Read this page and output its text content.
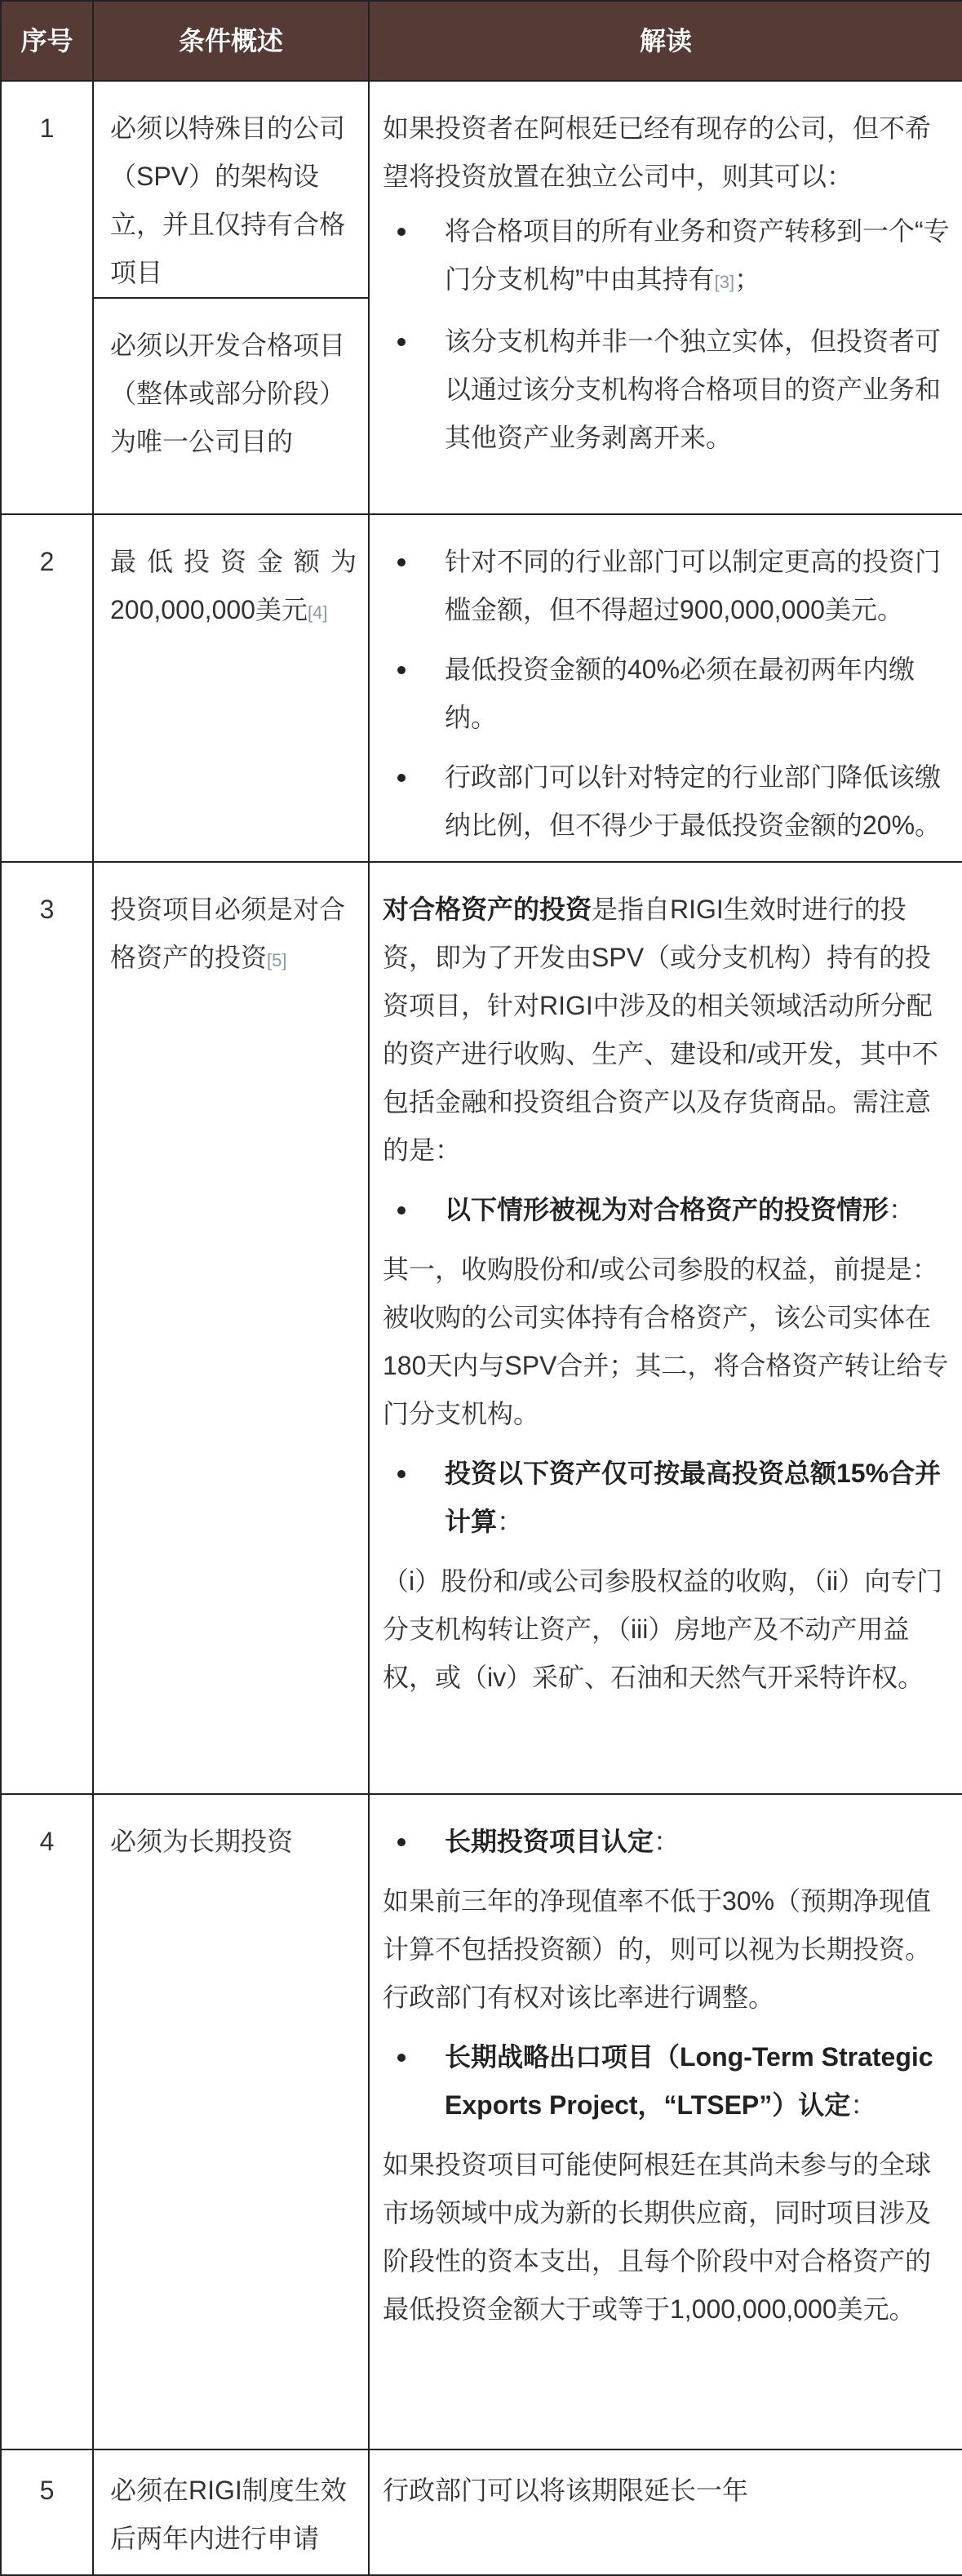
序号	条件概述	解读
1	必须以特殊目的公司（SPV）的架构设立，并且仅持有合格项目	如果投资者在阿根廷已经有现存的公司，但不希望将投资放置在独立公司中，则其可以：

将合格项目的所有业务和资产转移到一个“专门分支机构”中由其持有[3]；
该分支机构并非一个独立实体，但投资者可以通过该分支机构将合格项目的资产业务和其他资产业务剥离开来。

	必须以开发合格项目（整体或部分阶段）为唯一公司目的	
2	最低投资金额为200,000,000美元[4]	针对不同的行业部门可以制定更高的投资门槛金额，但不得超过900,000,000美元。
最低投资金额的40%必须在最初两年内缴纳。
行政部门可以针对特定的行业部门降低该缴纳比例，但不得少于最低投资金额的20%。

3	投资项目必须是对合格资产的投资[5]	对合格资产的投资是指自RIGI生效时进行的投资，即为了开发由SPV（或分支机构）持有的投资项目，针对RIGI中涉及的相关领域活动所分配的资产进行收购、生产、建设和/或开发，其中不包括金融和投资组合资产以及存货商品。需注意的是：

以下情形被视为对合格资产的投资情形：

其一，收购股份和/或公司参股的权益，前提是：被收购的公司实体持有合格资产，该公司实体在180天内与SPV合并；其二，将合格资产转让给专门分支机构。

投资以下资产仅可按最高投资总额15%合并计算：

（i）股份和/或公司参股权益的收购，（ii）向专门分支机构转让资产，（iii）房地产及不动产用益权，或（iv）采矿、石油和天然气开采特许权。

4	必须为长期投资	长期投资项目认定：

如果前三年的净现值率不低于30%（预期净现值计算不包括投资额）的，则可以视为长期投资。行政部门有权对该比率进行调整。

长期战略出口项目（Long-Term Strategic Exports Project，“LTSEP”）认定：

如果投资项目可能使阿根廷在其尚未参与的全球市场领域中成为新的长期供应商，同时项目涉及阶段性的资本支出，且每个阶段中对合格资产的最低投资金额大于或等于1,000,000,000美元。

5	必须在RIGI制度生效后两年内进行申请	行政部门可以将该期限延长一年
